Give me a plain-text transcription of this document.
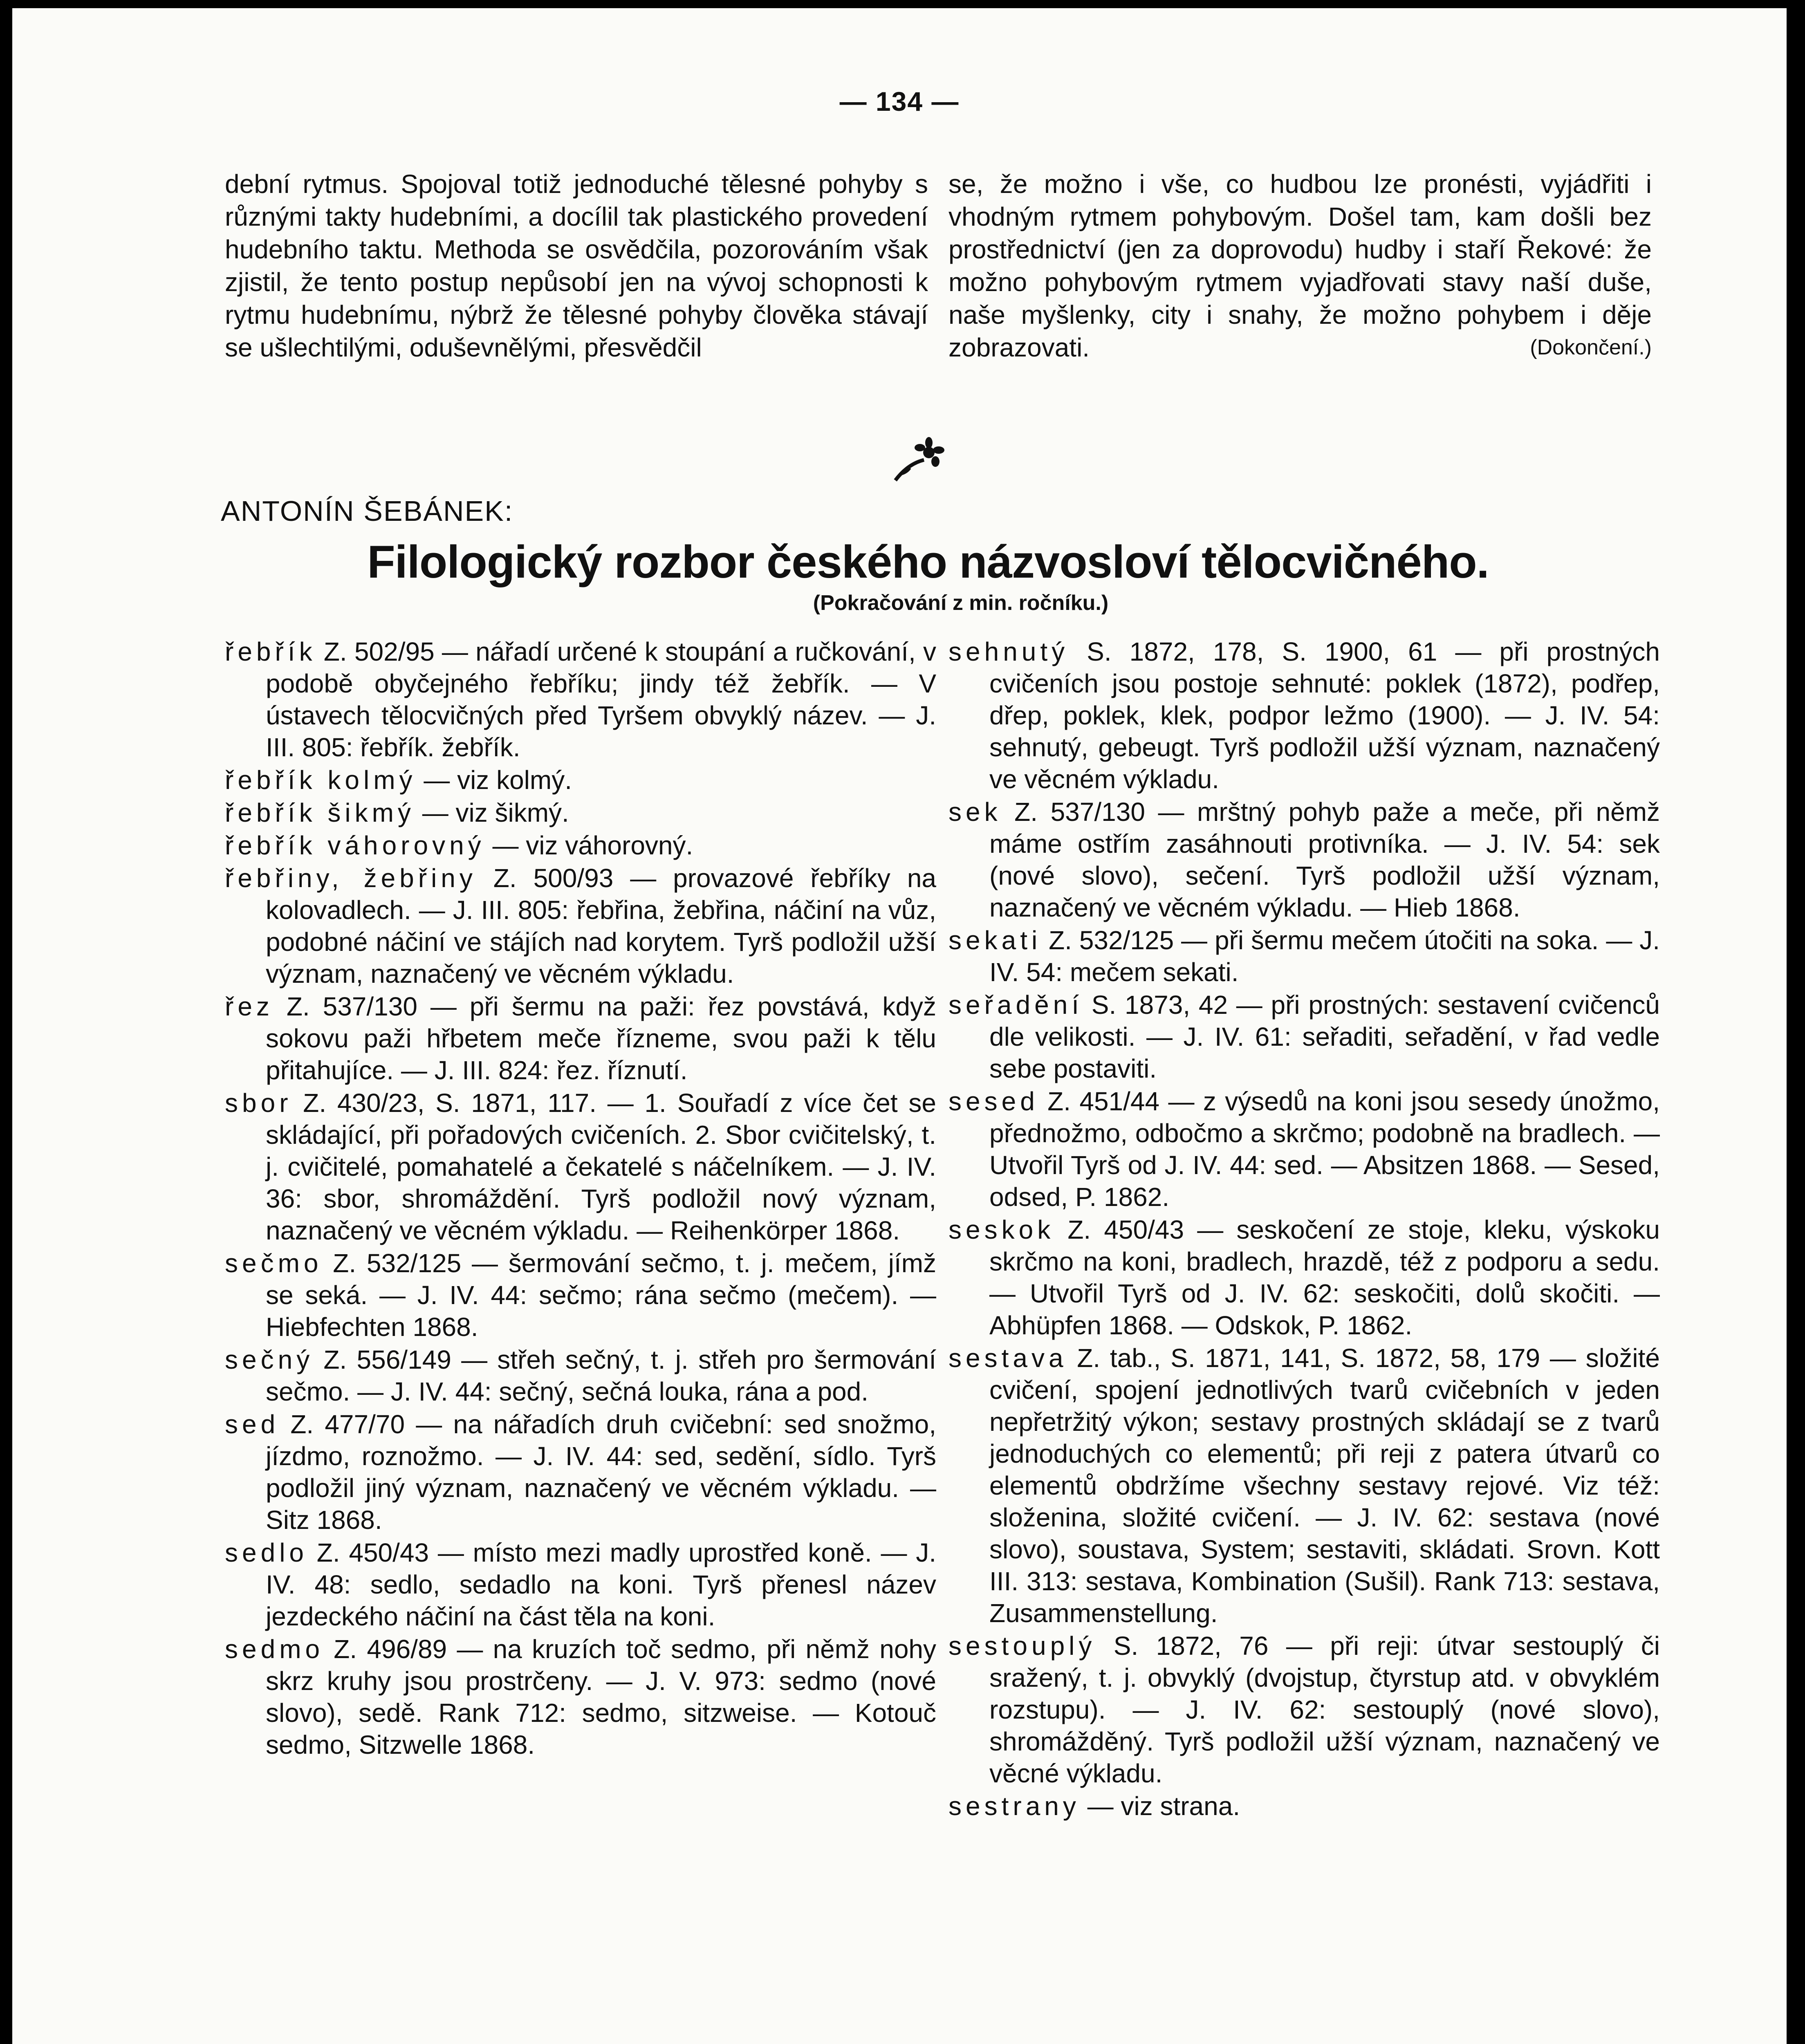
— 134 —
dební rytmus. Spojoval totiž jednoduché tělesné pohyby s různými takty hudebními, a docílil tak plastického provedení hudebního taktu. Methoda se osvědčila, pozorováním však zjistil, že tento postup nepůsobí jen na vývoj schopnosti k rytmu hudebnímu, nýbrž že tělesné pohyby člověka stávají se ušlechtilými, oduševnělými, přesvědčil
se, že možno i vše, co hudbou lze pronésti, vyjádřiti i vhodným rytmem pohybovým. Došel tam, kam došli bez prostřednictví (jen za doprovodu) hudby i staří Řekové: že možno pohybovým rytmem vyjadřovati stavy naší duše, naše myšlenky, city i snahy, že možno pohybem i děje zobrazovati.	(Dokončení.)
ANTONÍN ŠEBÁNEK:
Filologický rozbor českého názvosloví tělocvičného.
(Pokračování z min. ročníku.)
řebřík Z. 502/95 — nářadí určené k stoupání a ručkování, v podobě obyčejného řebříku; jindy též žebřík. — V ústavech tělocvičných před Tyršem obvyklý název. — J. III. 805: řebřík. žebřík.
řebřík kolmý — viz kolmý.
řebřík šikmý — viz šikmý.
řebřík váhorovný — viz váhorovný.
řebřiny, žebřiny Z. 500/93 — provazové řebříky na kolovadlech. — J. III. 805: řebřina, žebřina, náčiní na vůz, podobné náčiní ve stájích nad korytem. Tyrš podložil užší význam, naznačený ve věcném výkladu.
řez Z. 537/130 — při šermu na paži: řez povstává, když sokovu paži hřbetem meče řízneme, svou paži k tělu přitahujíce. — J. III. 824: řez. říznutí.
sbor Z. 430/23, S. 1871, 117. — 1. Souřadí z více čet se skládající, při pořadových cvičeních. 2. Sbor cvičitelský, t. j. cvičitelé, pomahatelé a čekatelé s náčelníkem. — J. IV. 36: sbor, shromáždění. Tyrš podložil nový význam, naznačený ve věcném výkladu. — Reihenkörper 1868.
sečmo Z. 532/125 — šermování sečmo, t. j. mečem, jímž se seká. — J. IV. 44: sečmo; rána sečmo (mečem). — Hiebfechten 1868.
sečný Z. 556/149 — střeh sečný, t. j. střeh pro šermování sečmo. — J. IV. 44: sečný, sečná louka, rána a pod.
sed Z. 477/70 — na nářadích druh cvičební: sed snožmo, jízdmo, roznožmo. — J. IV. 44: sed, sedění, sídlo. Tyrš podložil jiný význam, naznačený ve věcném výkladu. — Sitz 1868.
sedlo Z. 450/43 — místo mezi madly uprostřed koně. — J. IV. 48: sedlo, sedadlo na koni. Tyrš přenesl název jezdeckého náčiní na část těla na koni.
sedmo Z. 496/89 — na kruzích toč sedmo, při němž nohy skrz kruhy jsou prostrčeny. — J. V. 973: sedmo (nové slovo), sedě. Rank 712: sedmo, sitzweise. — Kotouč sedmo, Sitzwelle 1868.
sehnutý S. 1872, 178, S. 1900, 61 — při prostných cvičeních jsou postoje sehnuté: poklek (1872), podřep, dřep, poklek, klek, podpor ležmo (1900). — J. IV. 54: sehnutý, gebeugt. Tyrš podložil užší význam, naznačený ve věcném výkladu.
sek Z. 537/130 — mrštný pohyb paže a meče, při němž máme ostřím zasáhnouti protivníka. — J. IV. 54: sek (nové slovo), sečení. Tyrš podložil užší význam, naznačený ve věcném výkladu. — Hieb 1868.
sekati Z. 532/125 — při šermu mečem útočiti na soka. — J. IV. 54: mečem sekati.
seřadění S. 1873, 42 — při prostných: sestavení cvičenců dle velikosti. — J. IV. 61: seřaditi, seřadění, v řad vedle sebe postaviti.
sesed Z. 451/44 — z výsedů na koni jsou sesedy únožmo, přednožmo, odbočmo a skrčmo; podobně na bradlech. — Utvořil Tyrš od J. IV. 44: sed. — Absitzen 1868. — Sesed, odsed, P. 1862.
seskok Z. 450/43 — seskočení ze stoje, kleku, výskoku skrčmo na koni, bradlech, hrazdě, též z podporu a sedu. — Utvořil Tyrš od J. IV. 62: seskočiti, dolů skočiti. — Abhüpfen 1868. — Odskok, P. 1862.
sestava Z. tab., S. 1871, 141, S. 1872, 58, 179 — složité cvičení, spojení jednotlivých tvarů cvičebních v jeden nepřetržitý výkon; sestavy prostných skládají se z tvarů jednoduchých co elementů; při reji z patera útvarů co elementů obdržíme všechny sestavy rejové. Viz též: složenina, složité cvičení. — J. IV. 62: sestava (nové slovo), soustava, System; sestaviti, skládati. Srovn. Kott III. 313: sestava, Kombination (Sušil). Rank 713: sestava, Zusammenstellung.
sestouplý S. 1872, 76 — při reji: útvar sestouplý či sražený, t. j. obvyklý (dvojstup, čtyrstup atd. v obvyklém rozstupu). — J. IV. 62: sestouplý (nové slovo), shromážděný. Tyrš podložil užší význam, naznačený ve věcné výkladu.
sestrany — viz strana.
